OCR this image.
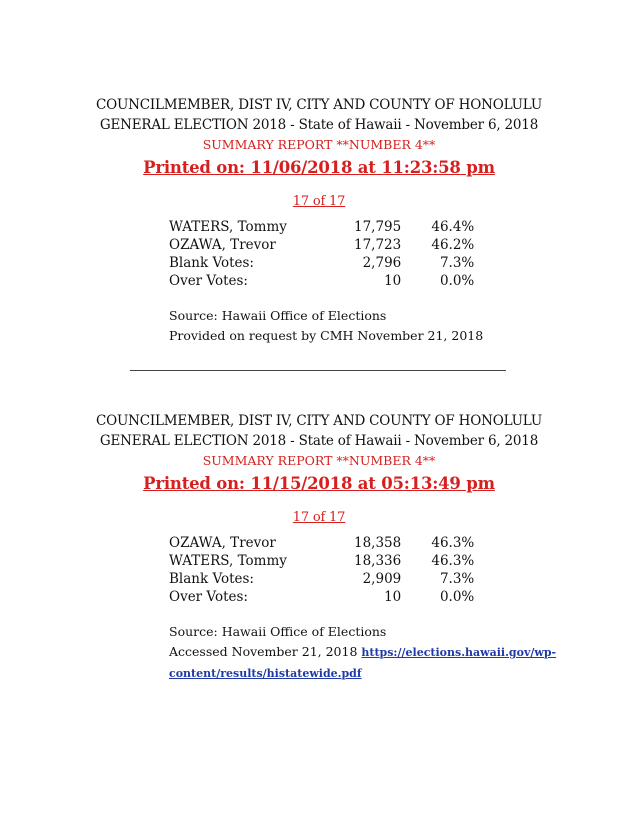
COUNCILMEMBER, DIST IV, CITY AND COUNTY OF HONOLULU
GENERAL ELECTION 2018 - State of Hawaii - November 6, 2018
SUMMARY REPORT **NUMBER 4**
Printed on: 11/06/2018 at 11:23:58 pm
17 of 17
WATERS, Tommy	17,795	46.4%
OZAWA, Trevor	17,723	46.2%
Blank Votes:	2,796	7.3%
Over Votes:	10	0.0%
Source: Hawaii Office of Elections
Provided on request by CMH November 21, 2018
COUNCILMEMBER, DIST IV, CITY AND COUNTY OF HONOLULU
GENERAL ELECTION 2018 - State of Hawaii - November 6, 2018
SUMMARY REPORT **NUMBER 4**
Printed on: 11/15/2018 at 05:13:49 pm
17 of 17
OZAWA, Trevor	18,358	46.3%
WATERS, Tommy	18,336	46.3%
Blank Votes:	2,909	7.3%
Over Votes:	10	0.0%
Source: Hawaii Office of Elections
Accessed November 21, 2018 https://elections.hawaii.gov/wp-
content/results/histatewide.pdf
